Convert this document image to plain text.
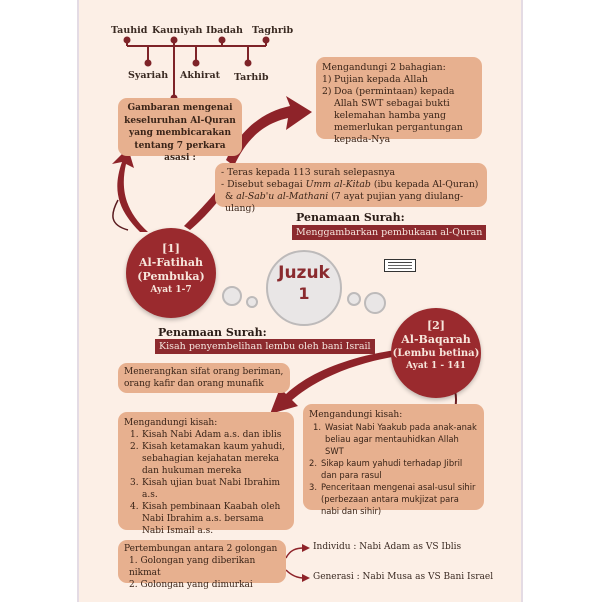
Tauhid Kauniyah Ibadah Taghrib
Syariah Akhirat Tarhib
Gambaran mengenai
keseluruhan Al-Quran
yang membicarakan
tentang 7 perkara asasi :
Mengandungi 2 bahagian:
1) Pujian kepada Allah
2) Doa (permintaan) kepada Allah SWT sebagai bukti kelemahan hamba yang memerlukan pergantungan kepada-Nya
- Teras kepada 113 surah selepasnya
- Disebut sebagai Umm al-Kitab (ibu kepada Al-Quran)
& al-Sab'u al-Mathani (7 ayat pujian yang diulang-ulang)
Penamaan Surah:
Menggambarkan pembukaan al-Quran
[1]
Al-Fatihah
(Pembuka)
Ayat 1-7
Juzuk
1
Penamaan Surah:
Kisah penyembelihan lembu oleh bani Israil
[2]
Al-Baqarah
(Lembu betina)
Ayat 1 - 141
Menerangkan sifat orang beriman,
orang kafir dan orang munafik
Mengandungi kisah:
1. Kisah Nabi Adam a.s. dan iblis
2. Kisah ketamakan kaum yahudi, sebahagian kejahatan mereka dan hukuman mereka
3. Kisah ujian buat Nabi Ibrahim a.s.
4. Kisah pembinaan Kaabah oleh Nabi Ibrahim a.s. bersama Nabi Ismail a.s.
Mengandungi kisah:
1. Wasiat Nabi Yaakub pada anak-anak beliau agar mentauhidkan Allah SWT
2. Sikap kaum yahudi terhadap Jibril dan para rasul
3. Penceritaan mengenai asal-usul sihir (perbezaan antara mukjizat para nabi dan sihir)
Pertembungan antara 2 golongan
1. Golongan yang diberikan nikmat
2. Golongan yang dimurkai
Individu : Nabi Adam as VS Iblis
Generasi : Nabi Musa as VS Bani Israel
